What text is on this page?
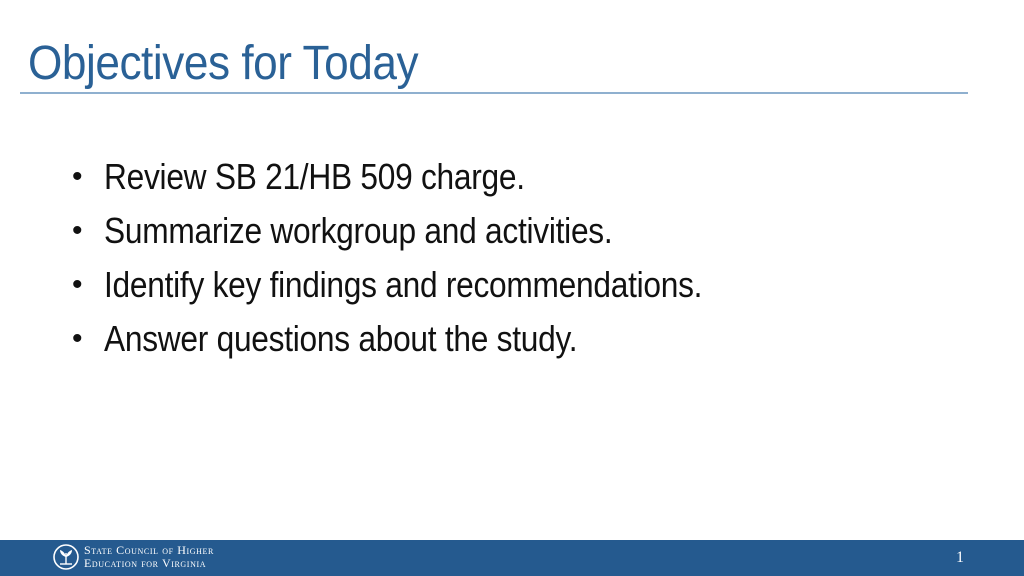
Objectives for Today
• Review SB 21/HB 509 charge.
• Summarize workgroup and activities.
• Identify key findings and recommendations.
• Answer questions about the study.
State Council of Higher
Education for Virginia	1
